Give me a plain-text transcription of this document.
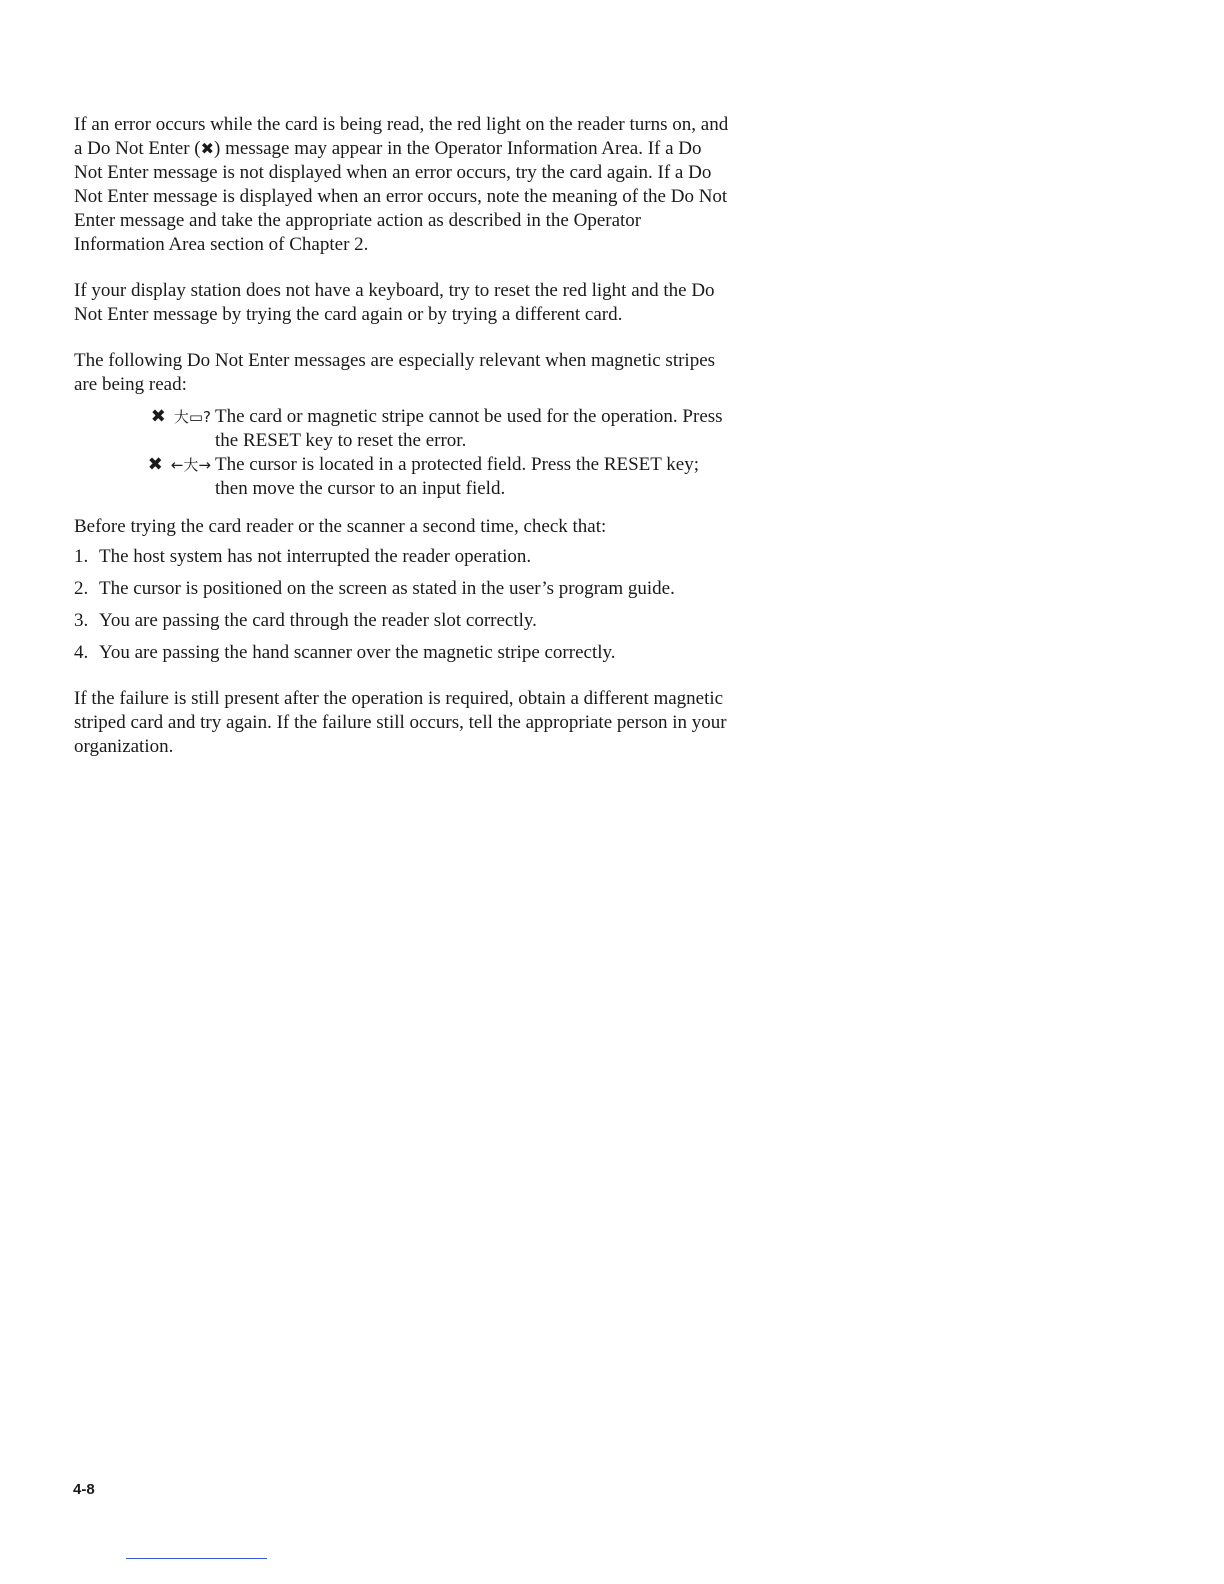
If an error occurs while the card is being read, the red light on the reader turns on, and a Do Not Enter (✖) message may appear in the Operator Information Area. If a Do Not Enter message is not displayed when an error occurs, try the card again. If a Do Not Enter message is displayed when an error occurs, note the meaning of the Do Not Enter message and take the appropriate action as described in the Operator Information Area section of Chapter 2.

If your display station does not have a keyboard, try to reset the red light and the Do Not Enter message by trying the card again or by trying a different card.

The following Do Not Enter messages are especially relevant when magnetic stripes are being read:

✖ ⼤▭? The card or magnetic stripe cannot be used for the operation. Press the RESET key to reset the error.
✖ ←⼤→ The cursor is located in a protected field. Press the RESET key; then move the cursor to an input field.

Before trying the card reader or the scanner a second time, check that:

1. The host system has not interrupted the reader operation.
2. The cursor is positioned on the screen as stated in the user’s program guide.
3. You are passing the card through the reader slot correctly.
4. You are passing the hand scanner over the magnetic stripe correctly.

If the failure is still present after the operation is required, obtain a different magnetic striped card and try again. If the failure still occurs, tell the appropriate person in your organization.

4-8
